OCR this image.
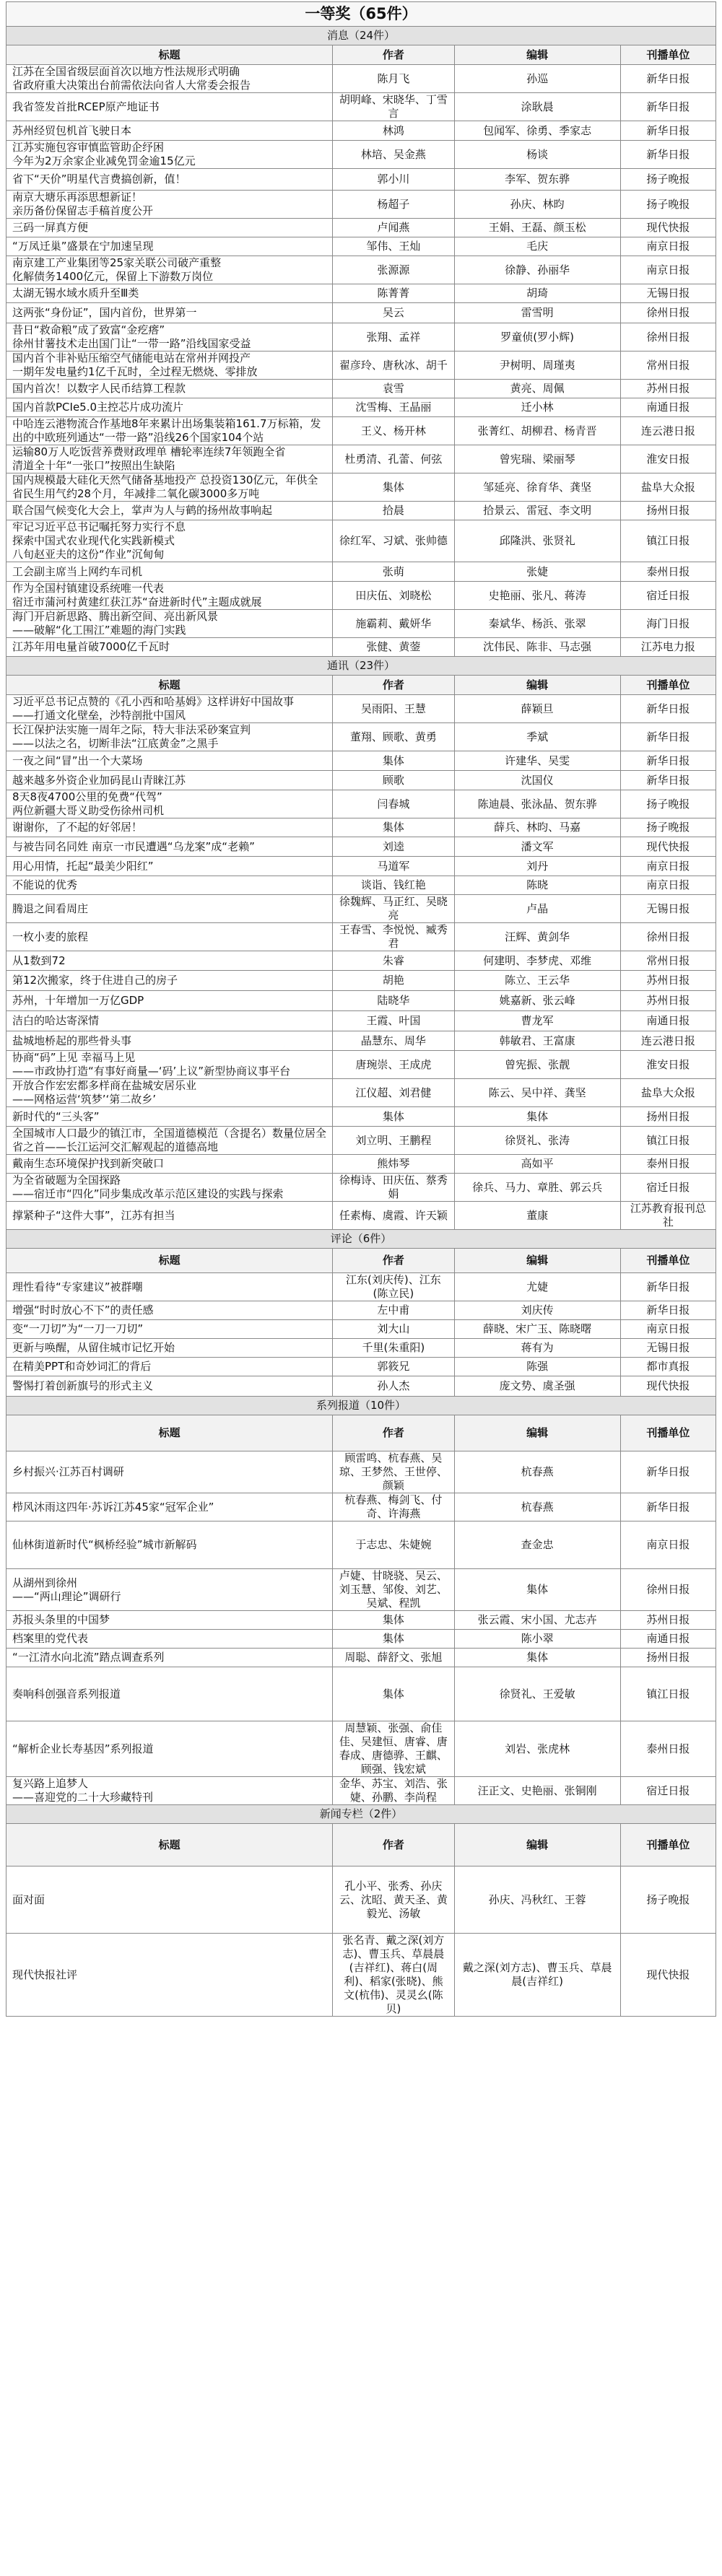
一等奖（65件）			
消息（24件）			
标题	作者	编辑	刊播单位
江苏在全国省级层面首次以地方性法规形式明确
省政府重大决策出台前需依法向省人大常委会报告	陈月飞	孙巡	新华日报
我省签发首批RCEP原产地证书	胡明峰、宋晓华、丁雪言	涂耿晨	新华日报
苏州经贸包机首飞驶日本	林鸿	包闻军、徐勇、季家志	新华日报
江苏实施包容审慎监管助企纾困
今年为2万余家企业减免罚金逾15亿元	林培、吴金燕	杨谈	新华日报
省下“天价”明星代言费搞创新，值！	郭小川	李军、贺东骅	扬子晚报
南京大塘乐再添思想新证！
亲历备份保留志手稿首度公开	杨超子	孙庆、林昀	扬子晚报
三码一屏真方便	卢闻燕	王娟、王磊、颜玉松	现代快报
“万凤迁巢”盛景在宁加速呈现	邹伟、王灿	毛庆	南京日报
南京建工产业集团等25家关联公司破产重整
化解债务1400亿元，保留上下游数万岗位	张源源	徐静、孙丽华	南京日报
太湖无锡水域水质升至Ⅲ类	陈菁菁	胡琦	无锡日报
这两张“身份证”，国内首份，世界第一	吴云	雷雪明	徐州日报
昔日“救命粮”成了致富“金疙瘩”
徐州甘薯技术走出国门让“一带一路”沿线国家受益	张翔、孟祥	罗童侦(罗小辉)	徐州日报
国内首个非补贴压缩空气储能电站在常州并网投产
一期年发电量约1亿千瓦时，全过程无燃烧、零排放	翟彦玲、唐秋冰、胡千	尹树明、周瑾夷	常州日报
国内首次！以数字人民币结算工程款	袁雪	黄亮、周佩	苏州日报
国内首款PCIe5.0主控芯片成功流片	沈雪梅、王晶丽	迁小林	南通日报
中哈连云港物流合作基地8年来累计出场集装箱161.7万标箱，发出的中欧班列通达“一带一路”沿线26个国家104个站	王义、杨开林	张菁红、胡柳君、杨青晋	连云港日报
运输80万人吃饭营养费财政埋单 槽轮率连续7年领跑全省
清道全十年“一张口”按照出生缺陷	杜勇清、孔蕾、何弦	曾宪瑞、梁丽琴	淮安日报
国内规模最大硅化天然气储备基地投产 总投资130亿元，年供全省民生用气约28个月，年减排二氧化碳3000多万吨	集体	邹延亮、徐育华、龚坚	盐阜大众报
联合国气候变化大会上，掌声为人与鹤的扬州故事响起	拾晨	拾景云、雷冠、李文明	扬州日报
牢记习近平总书记嘱托努力实行不息
探索中国式农业现代化实践新模式
八旬赵亚夫的这份“作业”沉甸甸	徐红军、习斌、张帅德	邱隆洪、张贤礼	镇江日报
工会副主席当上网约车司机	张萌	张婕	泰州日报
作为全国村镇建设系统唯一代表
宿迁市蒲河村黄建红获江苏“奋进新时代”主题成就展	田庆伍、刘晓松	史艳丽、张凡、蒋涛	宿迁日报
海门开启新思路、腾出新空间、亮出新风景
——破解“化工围江”难题的海门实践	施霸莉、戴妍华	秦斌华、杨浜、张翠	海门日报
江苏年用电量首破7000亿千瓦时	张健、黄蓥	沈伟民、陈非、马志强	江苏电力报
通讯（23件）			
标题	作者	编辑	刊播单位
习近平总书记点赞的《孔小西和哈基姆》这样讲好中国故事
——打通文化壁垒，沙特剖批中国风	吴雨阳、王慧	薛颖旦	新华日报
长江保护法实施一周年之际，特大非法采砂案宣判
——以法之名，切断非法“江底黄金”之黑手	董翔、顾歌、黄勇	季斌	新华日报
一夜之间“冒”出一个大菜场	集体	许建华、吴雯	新华日报
越来越多外资企业加码昆山青睐江苏	顾歌	沈国仪	新华日报
8天8夜4700公里的免费“代驾”
两位新疆大哥义助受伤徐州司机	闫春城	陈迪晨、张泳晶、贺东骅	扬子晚报
谢谢你，了不起的好邻居！	集体	薛兵、林昀、马嘉	扬子晚报
与被告同名同姓 南京一市民遭遇“乌龙案”成“老赖”	刘逵	潘文军	现代快报
用心用情，托起“最美少阳红”	马道军	刘丹	南京日报
不能说的优秀	谈诣、钱红艳	陈晓	南京日报
腾退之间看周庄	徐魏辉、马正红、吴晓亮	卢晶	无锡日报
一枚小麦的旅程	王春雪、李悦悦、臧秀君	汪辉、黄剑华	徐州日报
从1数到72	朱睿	何建明、李梦虎、邓维	常州日报
第12次搬家，终于住进自己的房子	胡艳	陈立、王云华	苏州日报
苏州，十年增加一万亿GDP	陆晓华	姚嘉新、张云峰	苏州日报
洁白的哈达寄深情	王霞、叶国	曹龙军	南通日报
盐城地桥起的那些骨头事	晶慧东、周华	韩敏君、王富康	连云港日报
协商“码”上见 幸福马上见
——市政协打造“有事好商量—‘码’上议”新型协商议事平台	唐琬崇、王成虎	曾宪振、张靓	淮安日报
开放合作宏宏都多样商在盐城安居乐业
——网格运营‘筑梦’‘第二故乡’	江仪超、刘君健	陈云、吴中祥、龚坚	盐阜大众报
新时代的“三头客”	集体	集体	扬州日报
全国城市人口最少的镇江市，全国道德模范（含提名）数量位居全省之首——长江运河交汇解观起的道德高地	刘立明、王鹏程	徐贤礼、张涛	镇江日报
戴南生态环境保护找到新突破口	熊炜琴	高如平	泰州日报
为全省破题为全国探路
——宿迁市“四化”同步集成改革示范区建设的实践与探索	徐梅诗、田庆伍、蔡秀娟	徐兵、马力、章胜、郭云兵	宿迁日报
撑紧种子“这件大事”，江苏有担当	任素梅、虞霞、许天颖	董康	江苏教育报刊总社
评论（6件）			
标题	作者	编辑	刊播单位
理性看待“专家建议”被群嘲	江东(刘庆传)、江东(陈立民)	尤婕	新华日报
增强“时时放心不下”的责任感	左中甫	刘庆传	新华日报
变“一刀切”为“一刀一刀切”	刘大山	薛晓、宋广玉、陈晓曙	南京日报
更新与唤醒，从留住城市记忆开始	千里(朱重阳)	蒋有为	无锡日报
在精美PPT和奇妙词汇的背后	郭筱兄	陈强	都市真报
警惕打着创新旗号的形式主义	孙人杰	庞文势、虞圣强	现代快报
系列报道（10件）			
标题	作者	编辑	刊播单位
乡村振兴·江苏百村调研	顾雷鸣、杭春燕、吴琼、王梦然、王世停、颜颖	杭春燕	新华日报
栉风沐雨这四年·苏诉江苏45家“冠军企业”	杭春燕、梅剑飞、付奇、许海燕	杭春燕	新华日报
仙林街道新时代“枫桥经验”城市新解码	于志忠、朱婕婉	查金忠	南京日报
从湖州到徐州
——“两山理论”调研行	卢婕、甘晓骁、吴云、刘玉慧、邹俊、刘艺、吴斌、程凯	集体	徐州日报
苏报头条里的中国梦	集体	张云霞、宋小国、尤志卉	苏州日报
档案里的党代表	集体	陈小翠	南通日报
“一江清水向北流”踏点调查系列	周聪、薛舒文、张旭	集体	扬州日报
奏响科创强音系列报道	集体	徐贤礼、王爱敏	镇江日报
“解析企业长寿基因”系列报道	周慧颖、张强、俞佳佳、吴建恒、唐睿、唐春成、唐德骅、王麒、顾强、钱宏斌	刘岩、张虎林	泰州日报
复兴路上追梦人
——喜迎党的二十大珍藏特刊	金华、苏宝、刘浩、张婕、孙鹏、李尚程	汪正文、史艳丽、张铜刚	宿迁日报
新闻专栏（2件）			
标题	作者	编辑	刊播单位
面对面	孔小平、张秀、孙庆云、沈昭、黄天圣、黄毅光、汤敏	孙庆、冯秋红、王蓉	扬子晚报
现代快报社评	张名青、戴之深(刘方志)、曹玉兵、草晨晨(吉祥红)、蒋白(周利)、稻家(张晓)、熊文(杭伟)、灵灵幺(陈贝)	戴之深(刘方志)、曹玉兵、草晨晨(吉祥红)	现代快报
